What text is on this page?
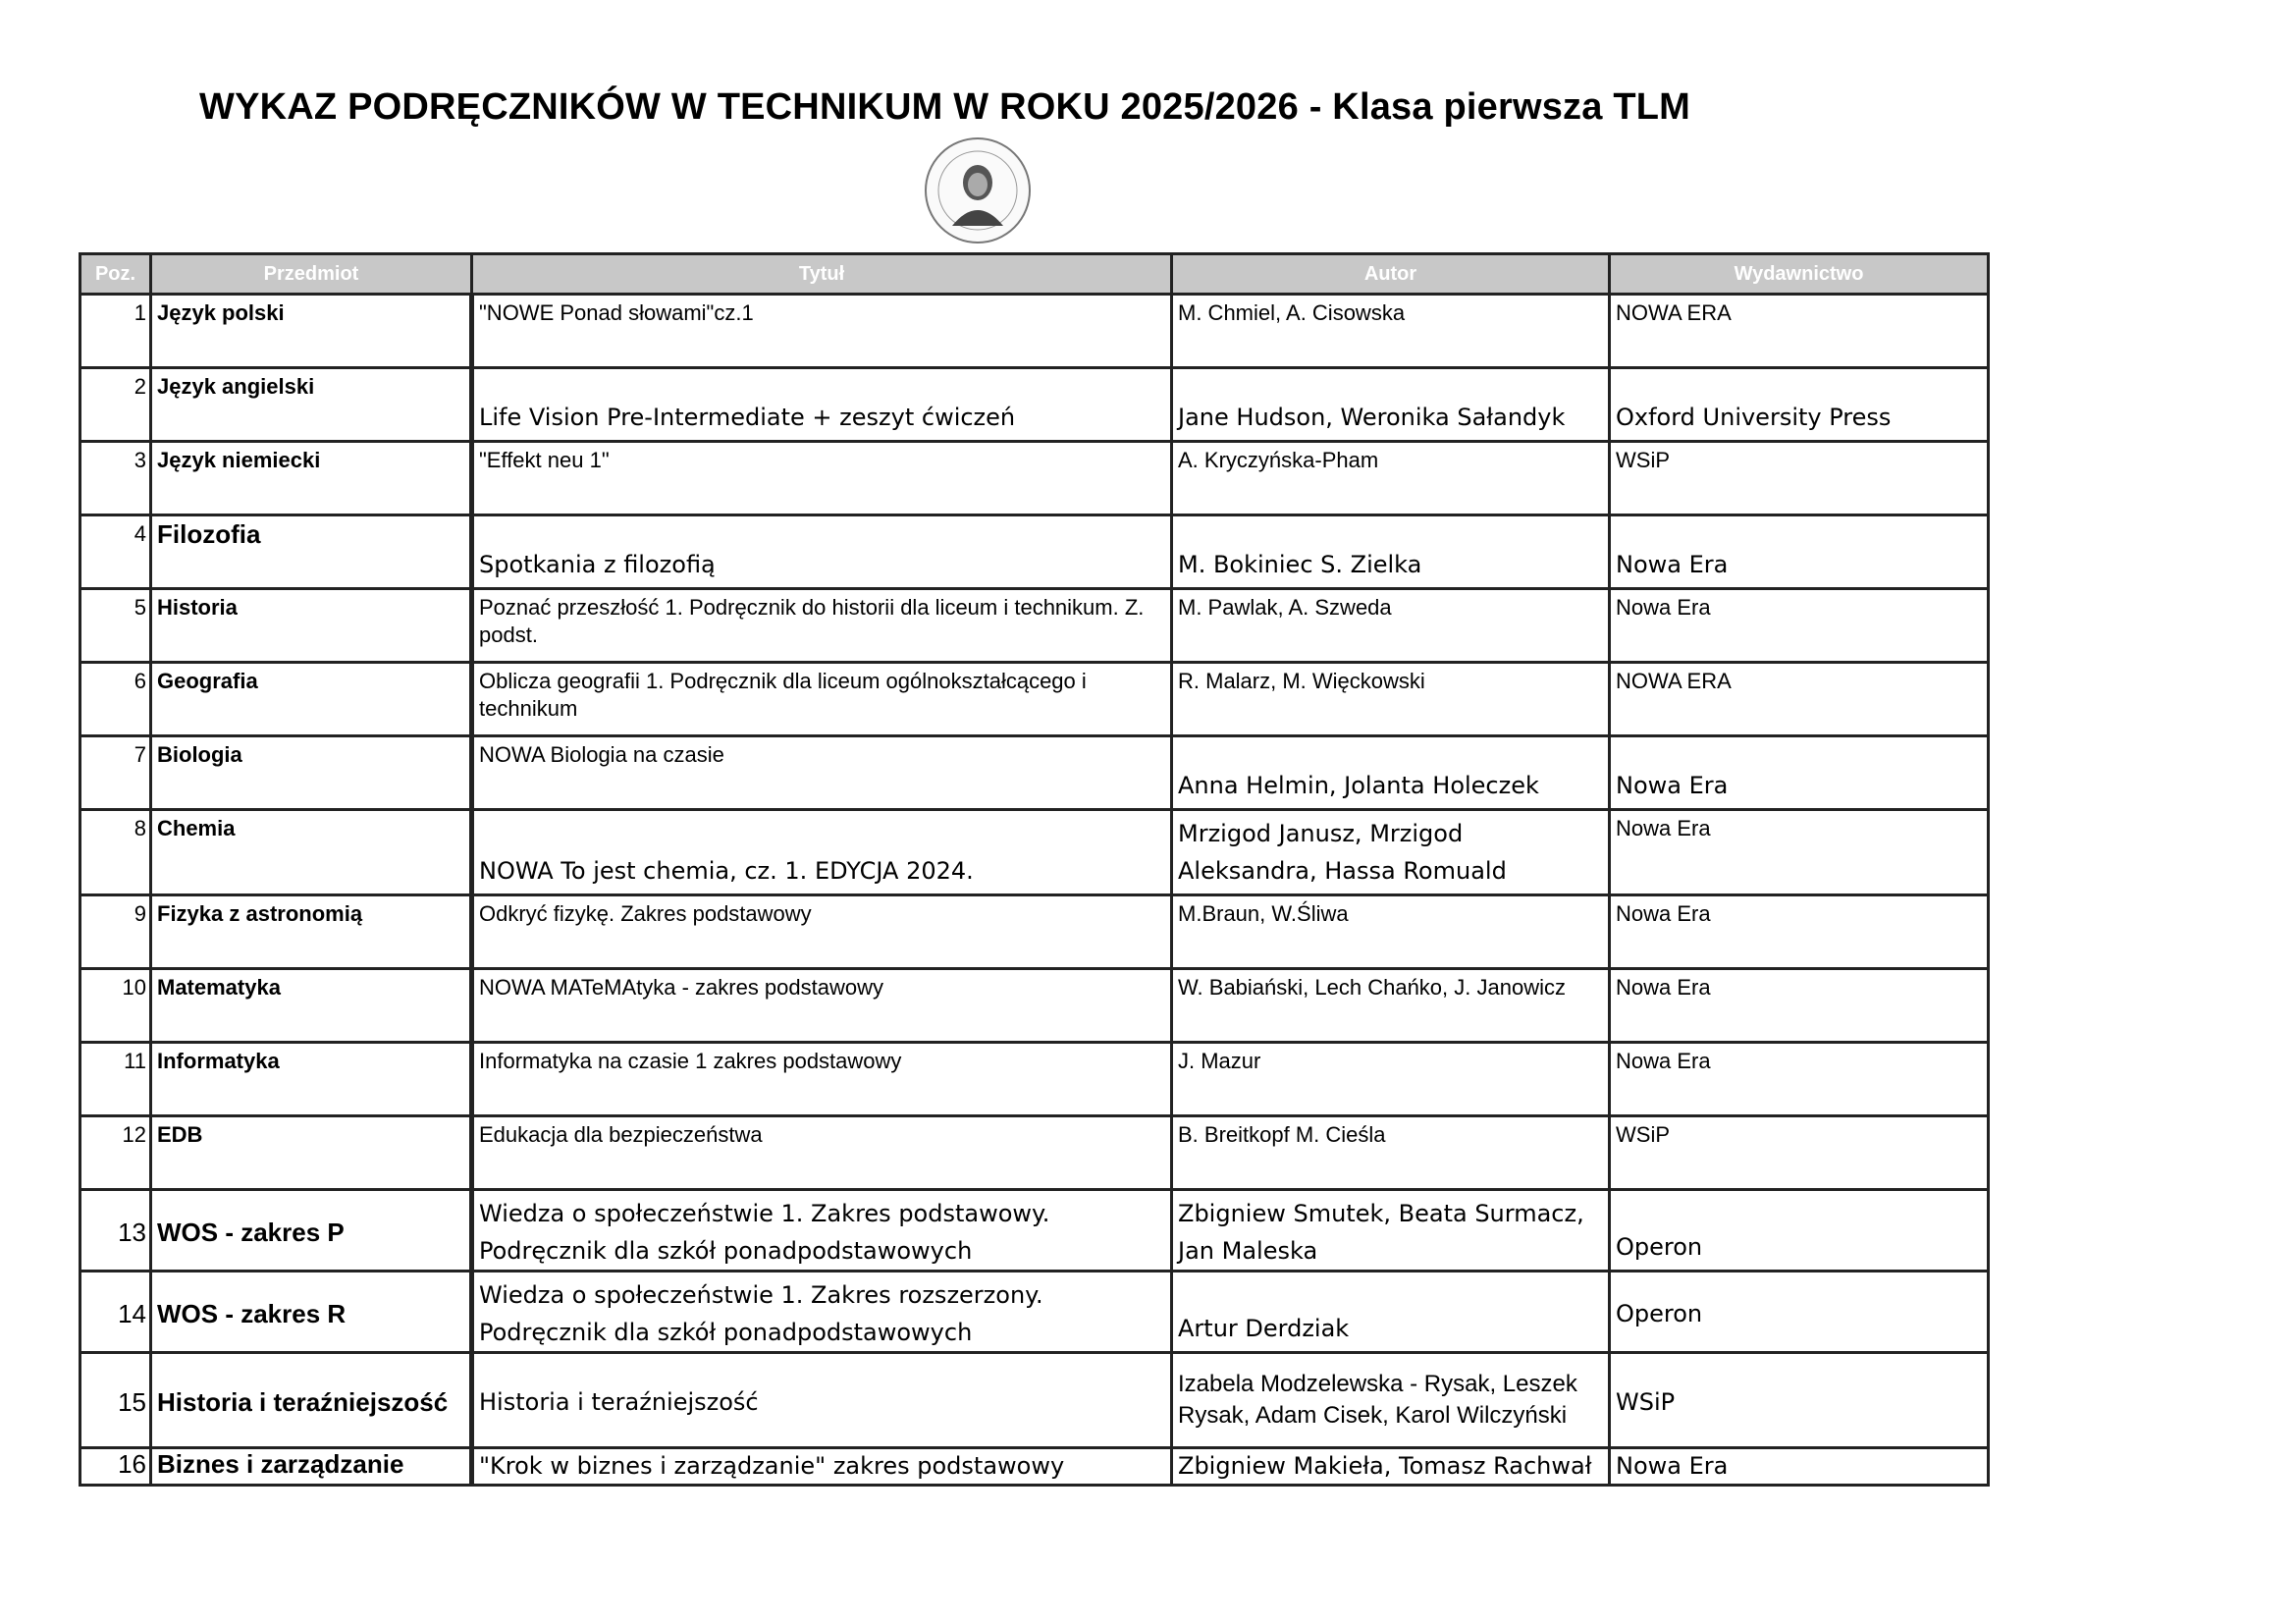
WYKAZ PODRĘCZNIKÓW W TECHNIKUM W ROKU 2025/2026 - Klasa pierwsza TLM
Poz.	Przedmiot	Tytuł	Autor	Wydawnictwo
1	Język polski	"NOWE Ponad słowami"cz.1	M. Chmiel, A. Cisowska	NOWA ERA
2	Język angielski	Life Vision Pre-Intermediate + zeszyt ćwiczeń	Jane Hudson, Weronika Sałandyk	Oxford University Press
3	Język niemiecki	"Effekt neu 1"	A. Kryczyńska-Pham	WSiP
4	Filozofia	Spotkania z filozofią	M. Bokiniec S. Zielka	Nowa Era
5	Historia	Poznać przeszłość 1. Podręcznik do historii dla liceum i technikum. Z. podst.	M. Pawlak, A. Szweda	Nowa Era
6	Geografia	Oblicza geografii 1. Podręcznik dla liceum ogólnokształcącego i technikum	R. Malarz, M. Więckowski	NOWA ERA
7	Biologia	NOWA Biologia na czasie	Anna Helmin, Jolanta Holeczek	Nowa Era
8	Chemia	NOWA To jest chemia, cz. 1. EDYCJA 2024.	Mrzigod Janusz, Mrzigod Aleksandra, Hassa Romuald	Nowa Era
9	Fizyka z astronomią	Odkryć fizykę. Zakres podstawowy	M.Braun, W.Śliwa	Nowa Era
10	Matematyka	NOWA MATeMAtyka - zakres podstawowy	W. Babiański, Lech Chańko, J. Janowicz	Nowa Era
11	Informatyka	Informatyka na czasie 1 zakres podstawowy	J. Mazur	Nowa Era
12	EDB	Edukacja dla bezpieczeństwa	B. Breitkopf M. Cieśla	WSiP
13	WOS - zakres P	Wiedza o społeczeństwie 1. Zakres podstawowy. Podręcznik dla szkół ponadpodstawowych	Zbigniew Smutek, Beata Surmacz, Jan Maleska	Operon
14	WOS - zakres R	Wiedza o społeczeństwie 1. Zakres rozszerzony. Podręcznik dla szkół ponadpodstawowych	Artur Derdziak	Operon
15	Historia i teraźniejszość	Historia i teraźniejszość	Izabela Modzelewska - Rysak, Leszek Rysak, Adam Cisek, Karol Wilczyński	WSiP
16	Biznes i zarządzanie	"Krok w biznes i zarządzanie" zakres podstawowy	Zbigniew Makieła, Tomasz Rachwał	Nowa Era
